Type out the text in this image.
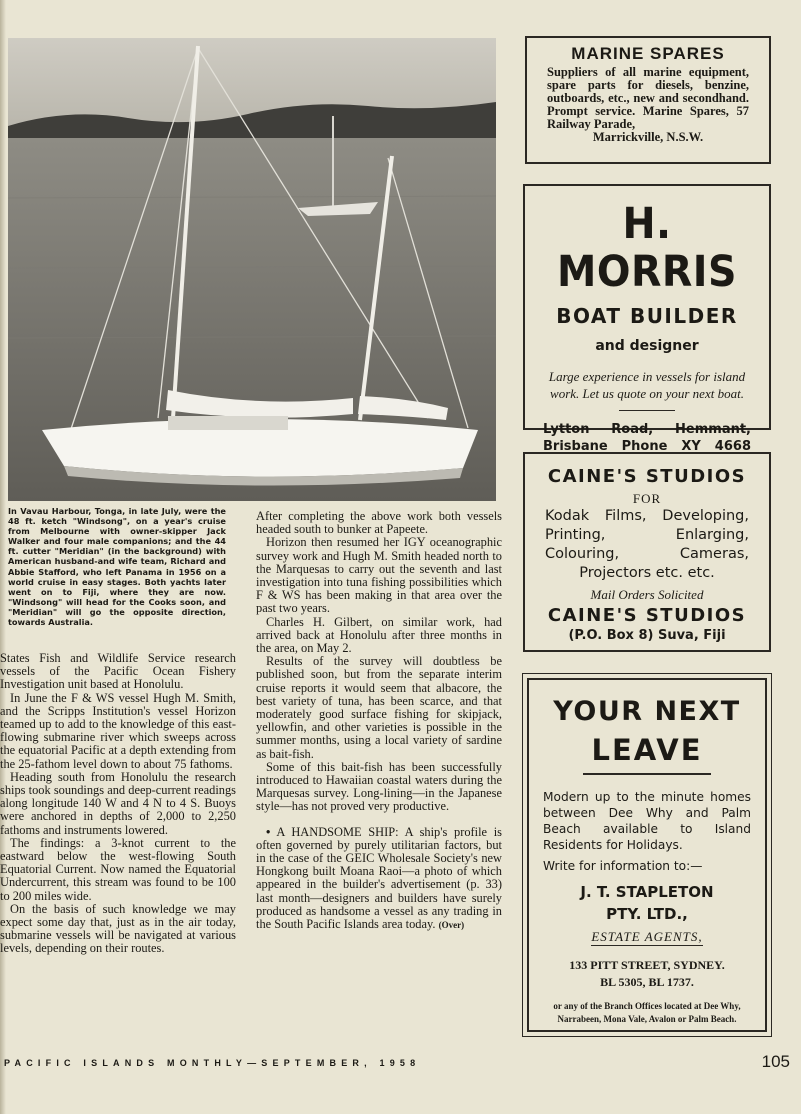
In Vavau Harbour, Tonga, in late July, were the 48 ft. ketch "Windsong", on a year's cruise from Melbourne with owner-skipper Jack Walker and four male companions; and the 44 ft. cutter "Meridian" (in the background) with American husband-and wife team, Richard and Abbie Stafford, who left Panama in 1956 on a world cruise in easy stages. Both yachts later went on to Fiji, where they are now. "Windsong" will head for the Cooks soon, and "Meridian" will go the opposite direction, towards Australia.

States Fish and Wildlife Service research vessels of the Pacific Ocean Fishery Investigation unit based at Honolulu.

In June the F & WS vessel Hugh M. Smith, and the Scripps Institution's vessel Horizon teamed up to add to the knowledge of this east-flowing submarine river which sweeps across the equatorial Pacific at a depth extending from the 25-fathom level down to about 75 fathoms.

Heading south from Honolulu the research ships took soundings and deep-current readings along longitude 140 W and 4 N to 4 S. Buoys were anchored in depths of 2,000 to 2,250 fathoms and instruments lowered.

The findings: a 3-knot current to the eastward below the west-flowing South Equatorial Current. Now named the Equatorial Undercurrent, this stream was found to be 100 to 200 miles wide.

On the basis of such knowledge we may expect some day that, just as in the air today, submarine vessels will be navigated at various levels, depending on their routes.

After completing the above work both vessels headed south to bunker at Papeete.

Horizon then resumed her IGY oceanographic survey work and Hugh M. Smith headed north to the Marquesas to carry out the seventh and last investigation into tuna fishing possibilities which F & WS has been making in that area over the past two years.

Charles H. Gilbert, on similar work, had arrived back at Honolulu after three months in the area, on May 2.

Results of the survey will doubtless be published soon, but from the separate interim cruise reports it would seem that albacore, the best variety of tuna, has been scarce, and that moderately good surface fishing for skipjack, yellowfin, and other varieties is possible in the summer months, using a local variety of sardine as bait-fish.

Some of this bait-fish has been successfully introduced to Hawaiian coastal waters during the Marquesas survey. Long-lining—in the Japanese style—has not proved very productive.

• A HANDSOME SHIP: A ship's profile is often governed by purely utilitarian factors, but in the case of the GEIC Wholesale Society's new Hongkong built Moana Raoi—a photo of which appeared in the builder's advertisement (p. 33) last month—designers and builders have surely produced as handsome a vessel as any trading in the South Pacific Islands area today. (Over)

PACIFIC ISLANDS MONTHLY—SEPTEMBER, 1958	105
MARINE SPARES

Suppliers of all marine equipment, spare parts for diesels, benzine, outboards, etc., new and secondhand. Prompt service. Marine Spares, 57 Railway Parade,

Marrickville, N.S.W.

H. MORRIS

BOAT BUILDER

and designer

Large experience in vessels for island work. Let us quote on your next boat.

Lytton Road, Hemmant,

Brisbane Phone XY 4668

CAINE'S STUDIOS

FOR

Kodak Films, Developing, Printing, Enlarging, Colouring, Cameras, Projectors etc. etc.

Mail Orders Solicited

CAINE'S STUDIOS

(P.O. Box 8) Suva, Fiji

YOUR NEXT

LEAVE

Modern up to the minute homes between Dee Why and Palm Beach available to Island Residents for Holidays.

Write for information to:—

J. T. STAPLETON

PTY. LTD.,

ESTATE AGENTS,

133 PITT STREET, SYDNEY.

BL 5305, BL 1737.

or any of the Branch Offices located at Dee Why, Narrabeen, Mona Vale, Avalon or Palm Beach.
